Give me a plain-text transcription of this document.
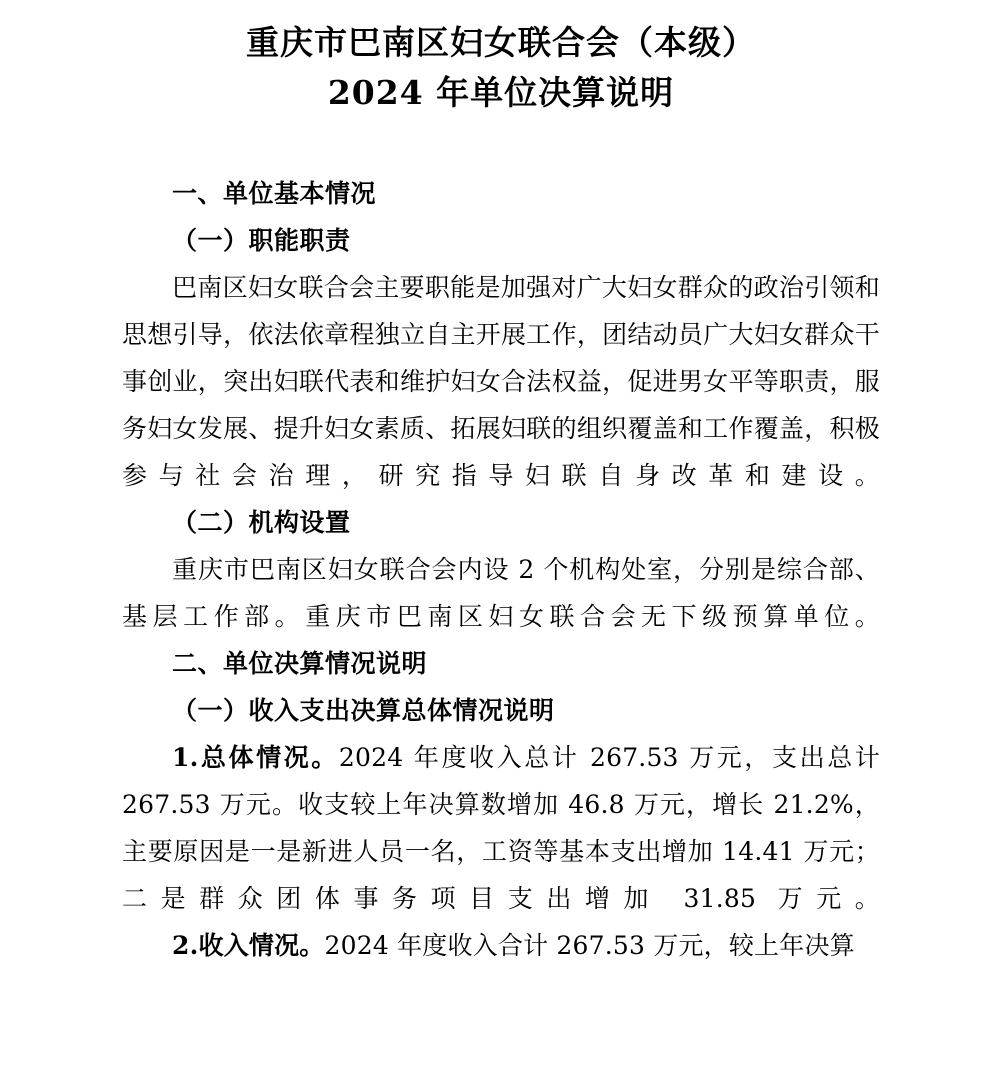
重庆市巴南区妇女联合会（本级）
2024 年单位决算说明
一、单位基本情况
（一）职能职责

巴南区妇女联合会主要职能是加强对广大妇女群众的政治引领和思想引导，依法依章程独立自主开展工作，团结动员广大妇女群众干事创业，突出妇联代表和维护妇女合法权益，促进男女平等职责，服务妇女发展、提升妇女素质、拓展妇联的组织覆盖和工作覆盖，积极参与社会治理，研究指导妇联自身改革和建设。

（二）机构设置

重庆市巴南区妇女联合会内设 2 个机构处室，分别是综合部、基层工作部。重庆市巴南区妇女联合会无下级预算单位。

二、单位决算情况说明
（一）收入支出决算总体情况说明

1.总体情况。2024 年度收入总计 267.53 万元，支出总计 267.53 万元。收支较上年决算数增加 46.8 万元，增长 21.2%，主要原因是一是新进人员一名，工资等基本支出增加 14.41 万元；二是群众团体事务项目支出增加 31.85 万元。

2.收入情况。2024 年度收入合计 267.53 万元，较上年决算
